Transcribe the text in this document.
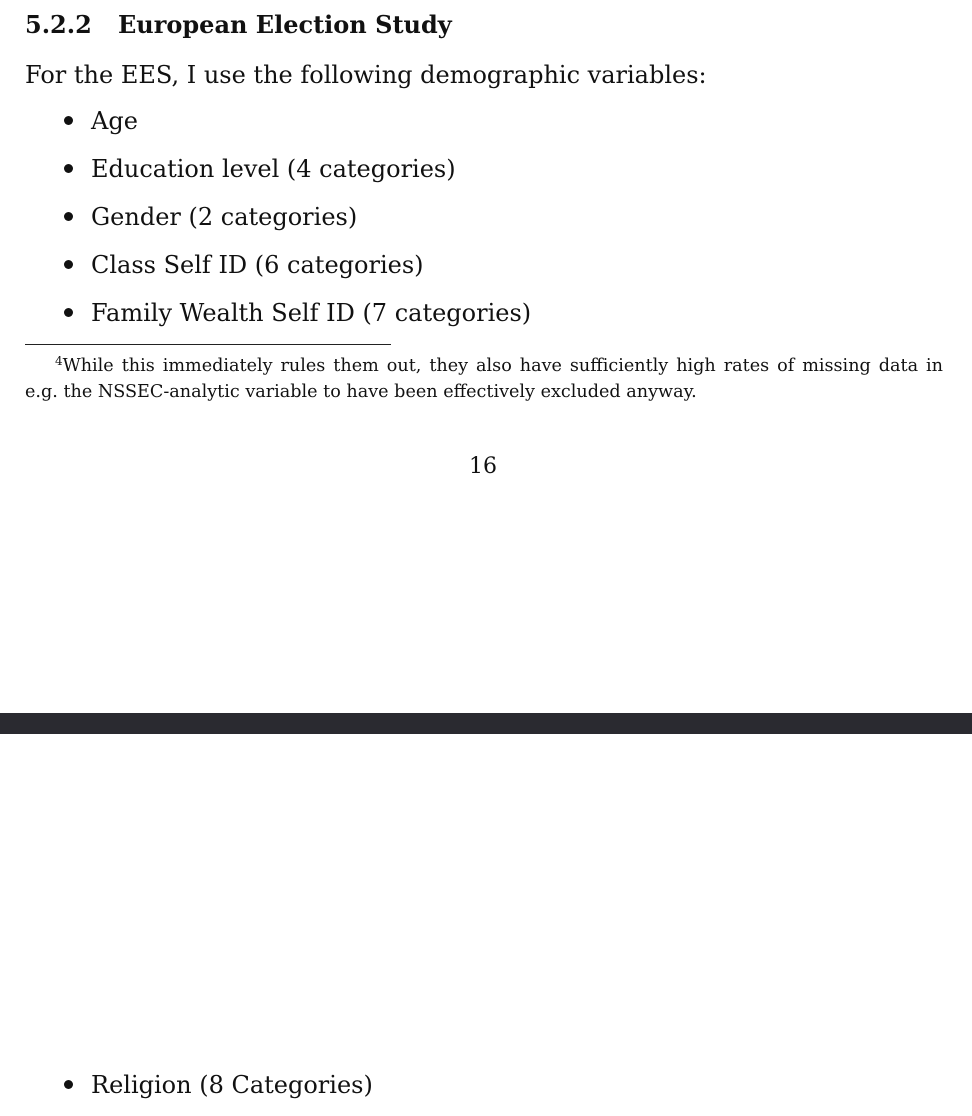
5.2.2 European Election Study

For the EES, I use the following demographic variables:

Age
Education level (4 categories)
Gender (2 categories)
Class Self ID (6 categories)
Family Wealth Self ID (7 categories)

$^4$While this immediately rules them out, they also have sufficiently high rates of missing data in e.g. the NSSEC-analytic variable to have been effectively excluded anyway.

16
Religion (8 Categories)
